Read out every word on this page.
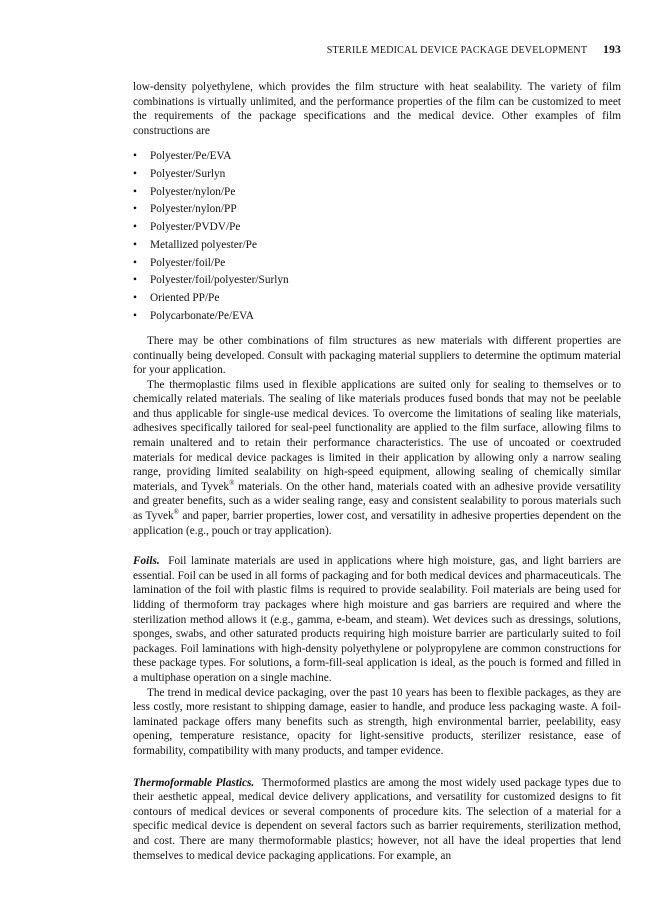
STERILE MEDICAL DEVICE PACKAGE DEVELOPMENT 193

low-density polyethylene, which provides the film structure with heat sealability. The variety of film combinations is virtually unlimited, and the performance properties of the film can be customized to meet the requirements of the package specifications and the medical device. Other examples of film constructions are

• Polyester/Pe/EVA
• Polyester/Surlyn
• Polyester/nylon/Pe
• Polyester/nylon/PP
• Polyester/PVDV/Pe
• Metallized polyester/Pe
• Polyester/foil/Pe
• Polyester/foil/polyester/Surlyn
• Oriented PP/Pe
• Polycarbonate/Pe/EVA

There may be other combinations of film structures as new materials with different properties are continually being developed. Consult with packaging material suppliers to determine the optimum material for your application.

The thermoplastic films used in flexible applications are suited only for sealing to themselves or to chemically related materials. The sealing of like materials produces fused bonds that may not be peelable and thus applicable for single-use medical devices. To overcome the limitations of sealing like materials, adhesives specifically tailored for seal-peel functionality are applied to the film surface, allowing films to remain unaltered and to retain their performance characteristics. The use of uncoated or coextruded materials for medical device packages is limited in their application by allowing only a narrow sealing range, providing limited sealability on high-speed equipment, allowing sealing of chemically similar materials, and Tyvek® materials. On the other hand, materials coated with an adhesive provide versatility and greater benefits, such as a wider sealing range, easy and consistent sealability to porous materials such as Tyvek® and paper, barrier properties, lower cost, and versatility in adhesive properties dependent on the application (e.g., pouch or tray application).

Foils. Foil laminate materials are used in applications where high moisture, gas, and light barriers are essential. Foil can be used in all forms of packaging and for both medical devices and pharmaceuticals. The lamination of the foil with plastic films is required to provide sealability. Foil materials are being used for lidding of thermoform tray packages where high moisture and gas barriers are required and where the sterilization method allows it (e.g., gamma, e-beam, and steam). Wet devices such as dressings, solutions, sponges, swabs, and other saturated products requiring high moisture barrier are particularly suited to foil packages. Foil laminations with high-density polyethylene or polypropylene are common constructions for these package types. For solutions, a form-fill-seal application is ideal, as the pouch is formed and filled in a multiphase operation on a single machine.

The trend in medical device packaging, over the past 10 years has been to flexible packages, as they are less costly, more resistant to shipping damage, easier to handle, and produce less packaging waste. A foil-laminated package offers many benefits such as strength, high environmental barrier, peelability, easy opening, temperature resistance, opacity for light-sensitive products, sterilizer resistance, ease of formability, compatibility with many products, and tamper evidence.

Thermoformable Plastics. Thermoformed plastics are among the most widely used package types due to their aesthetic appeal, medical device delivery applications, and versatility for customized designs to fit contours of medical devices or several components of procedure kits. The selection of a material for a specific medical device is dependent on several factors such as barrier requirements, sterilization method, and cost. There are many thermoformable plastics; however, not all have the ideal properties that lend themselves to medical device packaging applications. For example, an
